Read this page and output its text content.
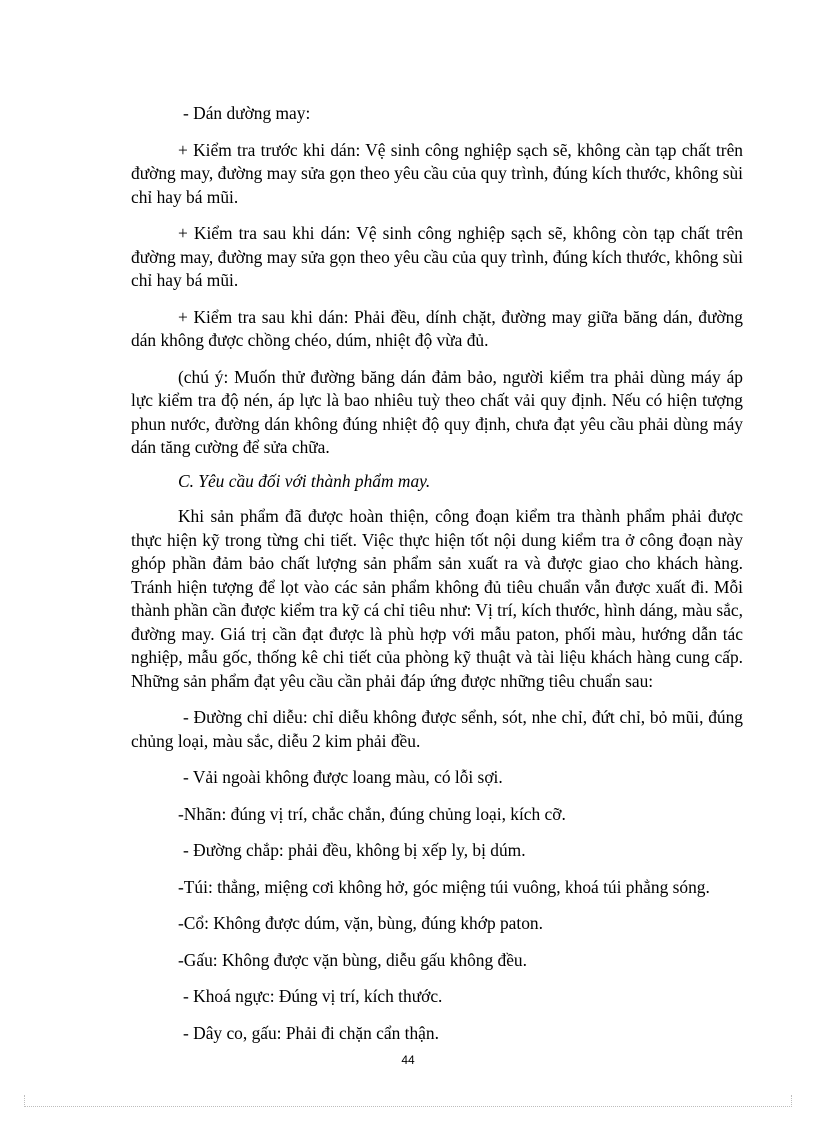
- Dán dường may:

+ Kiểm tra trước khi dán: Vệ sinh công nghiệp sạch sẽ, không càn tạp chất trên đường may, đường may sửa gọn theo yêu cầu của quy trình, đúng kích thước, không sùi chỉ hay bá mũi.

+ Kiểm tra sau khi dán: Vệ sinh công nghiệp sạch sẽ, không còn tạp chất trên đường may, đường may sửa gọn theo yêu cầu của quy trình, đúng kích thước, không sùi chỉ hay bá mũi.

+ Kiểm tra sau khi dán: Phải đều, dính chặt, đường may giữa băng dán, đường dán không được chồng chéo, dúm, nhiệt độ vừa đủ.

(chú ý: Muốn thử đường băng dán đảm bảo, người kiểm tra phải dùng máy áp lực kiểm tra độ nén, áp lực là bao nhiêu tuỳ theo chất vải quy định. Nếu có hiện tượng phun nước, đường dán không đúng nhiệt độ quy định, chưa đạt yêu cầu phải dùng máy dán tăng cường để sửa chữa.

C. Yêu cầu đối với thành phẩm may.

Khi sản phẩm đã được hoàn thiện, công đoạn kiểm tra thành phẩm phải được thực hiện kỹ trong từng chi tiết. Việc thực hiện tốt nội dung kiểm tra ở công đoạn này ghóp phần đảm bảo chất lượng sản phẩm sản xuất ra và được giao cho khách hàng. Tránh hiện tượng để lọt vào các sản phẩm không đủ tiêu chuẩn vẫn được xuất đi. Mỗi thành phần cần được kiểm tra kỹ cá chỉ tiêu như: Vị trí, kích thước, hình dáng, màu sắc, đường may. Giá trị cần đạt được là phù hợp với mẫu paton, phối màu, hướng dẫn tác nghiệp, mẫu gốc, thống kê chi tiết của phòng kỹ thuật và tài liệu khách hàng cung cấp. Những sản phẩm đạt yêu cầu cần phải đáp ứng được những tiêu chuẩn sau:

- Đường chỉ diễu: chỉ diễu không được sểnh, sót, nhe chỉ, đứt chỉ, bỏ mũi, đúng chủng loại, màu sắc, diễu 2 kim phải đều.

- Vải ngoài không được loang màu, có lỗi sợi.

-Nhãn: đúng vị trí, chắc chắn, đúng chủng loại, kích cỡ.

- Đường chắp: phải đều, không bị xếp ly, bị dúm.

-Túi: thẳng, miệng cơi không hở, góc miệng túi vuông, khoá túi phẳng sóng.

-Cổ: Không được dúm, vặn, bùng, đúng khớp paton.

-Gấu: Không được vặn bùng, diễu gấu không đều.

- Khoá ngực: Đúng vị trí, kích thước.

- Dây co, gấu: Phải đi chặn cẩn thận.

44
